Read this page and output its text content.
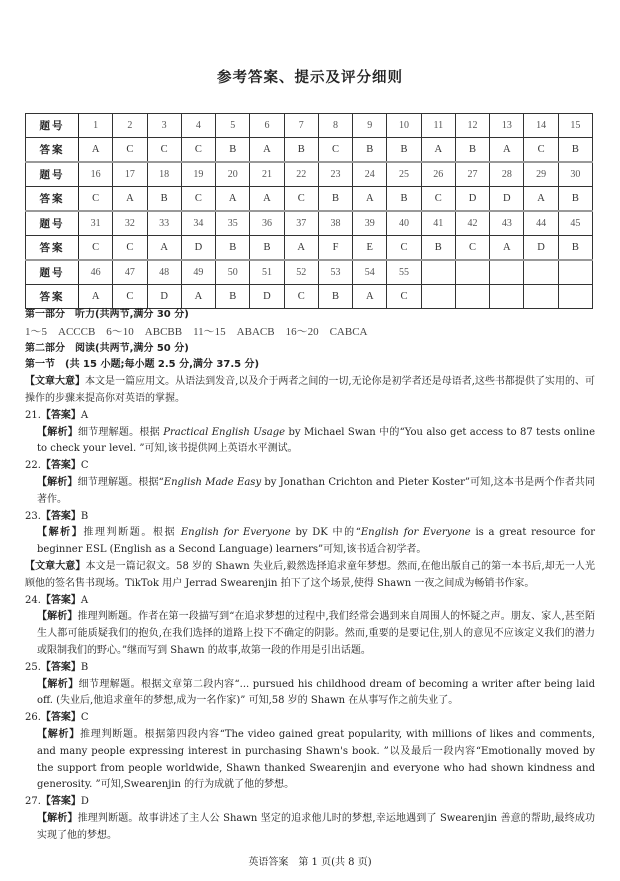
参考答案、提示及评分细则
题号	1	2	3	4	5	6	7	8	9	10	11	12	13	14	15
答案	A	C	C	C	B	A	B	C	B	B	A	B	A	C	B
题号	16	17	18	19	20	21	22	23	24	25	26	27	28	29	30
答案	C	A	B	C	A	A	C	B	A	B	C	D	D	A	B
题号	31	32	33	34	35	36	37	38	39	40	41	42	43	44	45
答案	C	C	A	D	B	B	A	F	E	C	B	C	A	D	B
题号	46	47	48	49	50	51	52	53	54	55					
答案	A	C	D	A	B	D	C	B	A	C					
第一部分　听力(共两节,满分 30 分)
1～5　ACCCB　6～10　ABCBB　11～15　ABACB　16～20　CABCA
第二部分　阅读(共两节,满分 50 分)
第一节　(共 15 小题;每小题 2.5 分,满分 37.5 分)
【文章大意】本文是一篇应用文。从语法到发音,以及介于两者之间的一切,无论你是初学者还是母语者,这些书都提供了实用的、可操作的步骤来提高你对英语的掌握。
21.【答案】A
【解析】细节理解题。根据 Practical English Usage by Michael Swan 中的“You also get access to 87 tests online to check your level. ”可知,该书提供网上英语水平测试。
22.【答案】C
【解析】细节理解题。根据“English Made Easy by Jonathan Crichton and Pieter Koster”可知,这本书是两个作者共同著作。
23.【答案】B
【解析】推理判断题。根据 English for Everyone by DK 中的“English for Everyone is a great resource for beginner ESL (English as a Second Language) learners”可知,该书适合初学者。
【文章大意】本文是一篇记叙文。58 岁的 Shawn 失业后,毅然选择追求童年梦想。然而,在他出版自己的第一本书后,却无一人光顾他的签名售书现场。TikTok 用户 Jerrad Swearenjin 拍下了这个场景,使得 Shawn 一夜之间成为畅销书作家。
24.【答案】A
【解析】推理判断题。作者在第一段描写到“在追求梦想的过程中,我们经常会遇到来自周围人的怀疑之声。朋友、家人,甚至陌生人都可能质疑我们的抱负,在我们选择的道路上投下不确定的阴影。然而,重要的是要记住,别人的意见不应该定义我们的潜力或限制我们的野心。”继而写到 Shawn 的故事,故第一段的作用是引出话题。
25.【答案】B
【解析】细节理解题。根据文章第二段内容“... pursued his childhood dream of becoming a writer after being laid off. (失业后,他追求童年的梦想,成为一名作家)” 可知,58 岁的 Shawn 在从事写作之前失业了。
26.【答案】C
【解析】推理判断题。根据第四段内容“The video gained great popularity, with millions of likes and comments, and many people expressing interest in purchasing Shawn's book. ”以及最后一段内容“Emotionally moved by the support from people worldwide, Shawn thanked Swearenjin and everyone who had shown kindness and generosity. ”可知,Swearenjin 的行为成就了他的梦想。
27.【答案】D
【解析】推理判断题。故事讲述了主人公 Shawn 坚定的追求他儿时的梦想,幸运地遇到了 Swearenjin 善意的帮助,最终成功实现了他的梦想。
英语答案　第 1 页(共 8 页)
